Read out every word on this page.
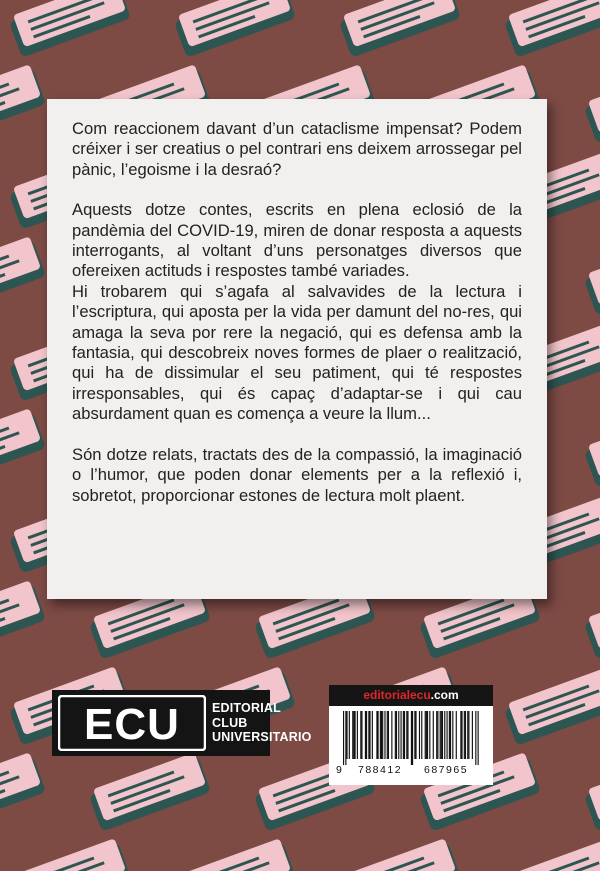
Com reaccionem davant d’un cataclisme impensat? Podem créixer i ser creatius o pel contrari ens deixem arrossegar pel pànic, l’egoisme i la desraó?

Aquests dotze contes, escrits en plena eclosió de la pandèmia del COVID-19, miren de donar resposta a aquests interrogants, al voltant d’uns personatges diversos que ofereixen actituds i respostes també variades.

Hi trobarem qui s’agafa al salvavides de la lectura i l’escriptura, qui aposta per la vida per damunt del no-res, qui amaga la seva por rere la negació, qui es defensa amb la fantasia, qui descobreix noves formes de plaer o realització, qui ha de dissimular el seu patiment, qui té respostes irresponsables, qui és capaç d’adaptar-se i qui cau absurdament quan es comença a veure la llum...

Són dotze relats, tractats des de la compassió, la imaginació o l’humor, que poden donar elements per a la reflexió i, sobretot, proporcionar estones de lectura molt plaent.

ECU	EDITORIAL
CLUB
UNIVERSITARIO
editorialecu.com
9 788412 687965
